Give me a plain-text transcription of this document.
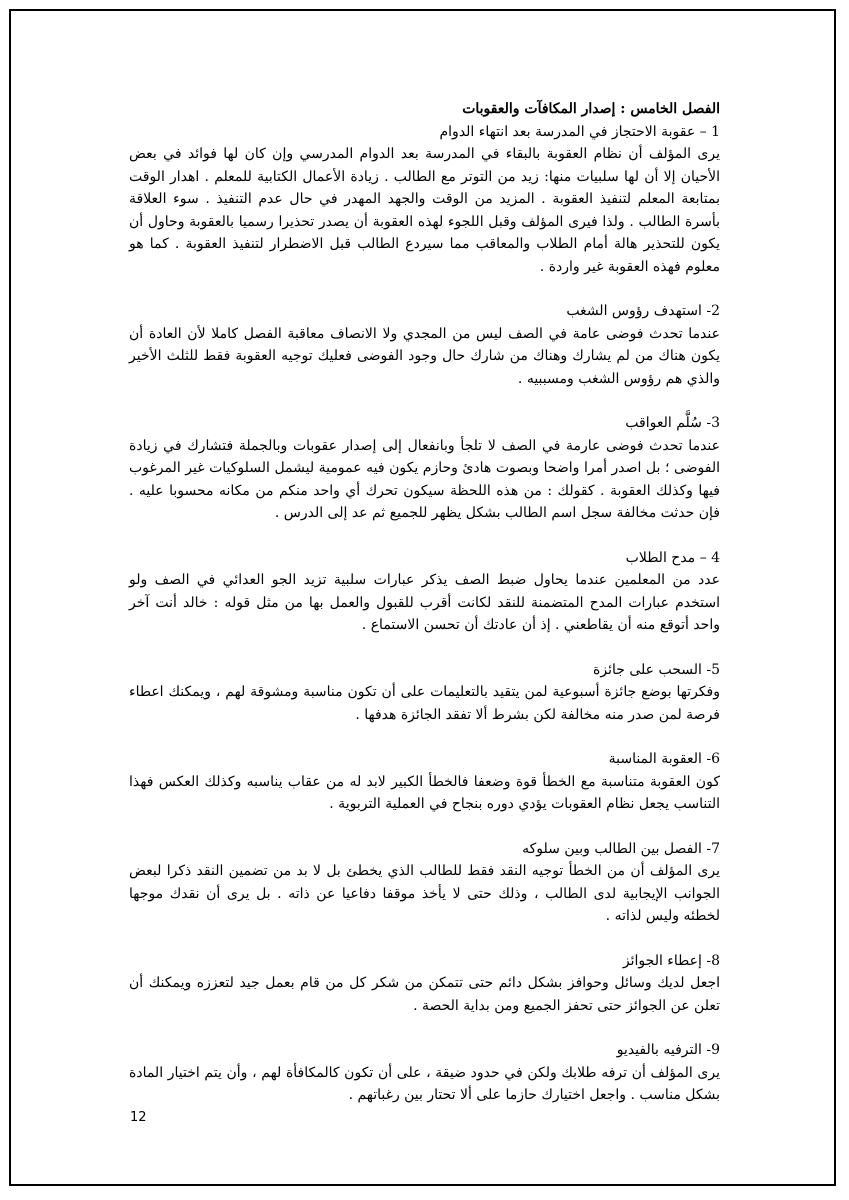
الفصل الخامس : إصدار المكافآت والعقوبات

1 – عقوبة الاحتجاز في المدرسة بعد انتهاء الدوام

يرى المؤلف أن نظام العقوبة بالبقاء في المدرسة بعد الدوام المدرسي وإن كان لها فوائد في بعض الأحيان إلا أن لها سلبيات منها: زيد من التوتر مع الطالب . زيادة الأعمال الكتابية للمعلم . اهدار الوقت بمتابعة المعلم لتنفيذ العقوبة . المزيد من الوقت والجهد المهدر في حال عدم التنفيذ . سوء العلاقة بأسرة الطالب . ولذا فيرى المؤلف وقبل اللجوء لهذه العقوبة أن يصدر تحذيرا رسميا بالعقوبة وحاول أن يكون للتحذير هالة أمام الطلاب والمعاقب مما سيردع الطالب قبل الاضطرار لتنفيذ العقوبة . كما هو معلوم فهذه العقوبة غير واردة .

2- استهدف رؤوس الشغب

عندما تحدث فوضى عامة في الصف ليس من المجدي ولا الانصاف معاقبة الفصل كاملا لأن العادة أن يكون هناك من لم يشارك وهناك من شارك حال وجود الفوضى فعليك توجيه العقوبة فقط للثلث الأخير والذي هم رؤوس الشغب ومسببيه .

3- سُلَّم العواقب

عندما تحدث فوضى عارمة في الصف لا تلجأ وبانفعال إلى إصدار عقوبات وبالجملة فتشارك في زيادة الفوضى ؛ بل اصدر أمرا واضحا وبصوت هادئ وحازم يكون فيه عمومية ليشمل السلوكيات غير المرغوب فيها وكذلك العقوبة . كقولك : من هذه اللحظة سيكون تحرك أي واحد منكم من مكانه محسوبا عليه . فإن حدثت مخالفة سجل اسم الطالب بشكل يظهر للجميع ثم عد إلى الدرس .

4 – مدح الطلاب

عدد من المعلمين عندما يحاول ضبط الصف يذكر عبارات سلبية تزيد الجو العدائي في الصف ولو استخدم عبارات المدح المتضمنة للنقد لكانت أقرب للقبول والعمل بها من مثل قوله : خالد أنت آخر واحد أتوقع منه أن يقاطعني . إذ أن عادتك أن تحسن الاستماع .

5- السحب على جائزة

وفكرتها بوضع جائزة أسبوعية لمن يتقيد بالتعليمات على أن تكون مناسبة ومشوقة لهم ، ويمكنك اعطاء فرصة لمن صدر منه مخالفة لكن بشرط ألا تفقد الجائزة هدفها .

6- العقوبة المناسبة

كون العقوبة متناسبة مع الخطأ قوة وضعفا فالخطأ الكبير لابد له من عقاب يناسبه وكذلك العكس فهذا التناسب يجعل نظام العقوبات يؤدي دوره بنجاح في العملية التربوية .

7- الفصل بين الطالب وبين سلوكه

يرى المؤلف أن من الخطأ توجيه النقد فقط للطالب الذي يخطئ بل لا بد من تضمين النقد ذكرا لبعض الجوانب الإيجابية لدى الطالب ، وذلك حتى لا يأخذ موقفا دفاعيا عن ذاته . بل يرى أن نقدك موجها لخطئه وليس لذاته .

8- إعطاء الجوائز

اجعل لديك وسائل وحوافز بشكل دائم حتى تتمكن من شكر كل من قام بعمل جيد لتعززه ويمكنك أن تعلن عن الجوائز حتى تحفز الجميع ومن بداية الحصة .

9- الترفيه بالفيديو

يرى المؤلف أن ترفه طلابك ولكن في حدود ضيقة ، على أن تكون كالمكافأة لهم ، وأن يتم اختيار المادة بشكل مناسب . واجعل اختيارك حازما على ألا تحتار بين رغباتهم .

12
